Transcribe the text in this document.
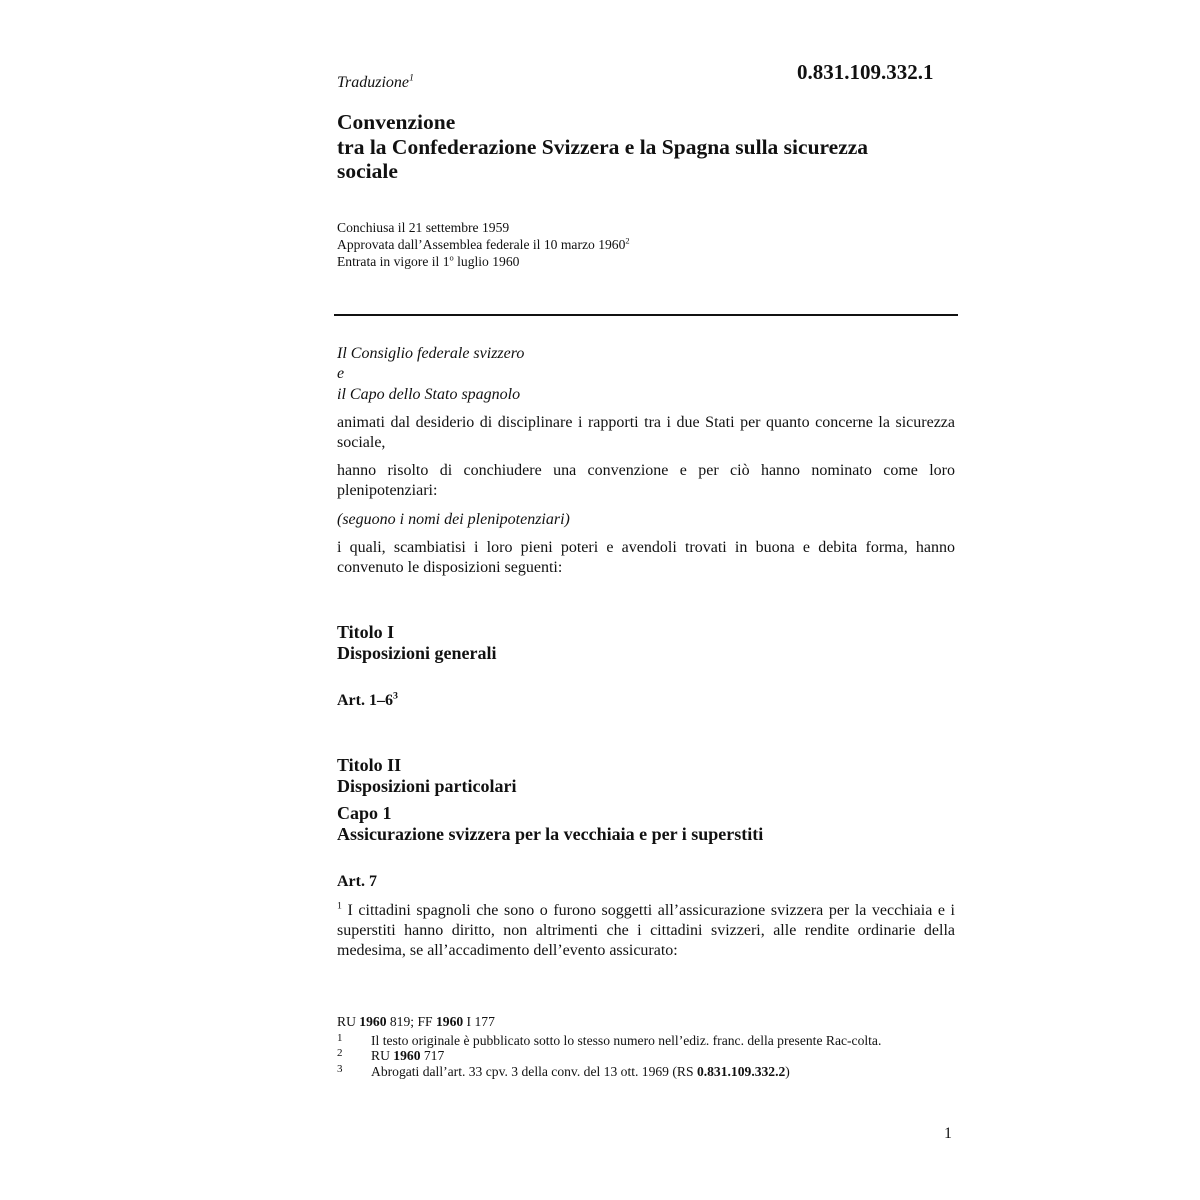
0.831.109.332.1
Traduzione$^1$
Convenzione
tra la Confederazione Svizzera e la Spagna sulla sicurezza
sociale
Conchiusa il 21 settembre 1959
Approvata dall’Assemblea federale il 10 marzo 1960$^2$
Entrata in vigore il 1$^o$ luglio 1960
Il Consiglio federale svizzero
e
il Capo dello Stato spagnolo
animati dal desiderio di disciplinare i rapporti tra i due Stati per quanto concerne la sicurezza sociale,
hanno risolto di conchiudere una convenzione e per ciò hanno nominato come loro plenipotenziari:
(seguono i nomi dei plenipotenziari)
i quali, scambiatisi i loro pieni poteri e avendoli trovati in buona e debita forma, hanno convenuto le disposizioni seguenti:
Titolo I
Disposizioni generali
Art. $1-6^3$
Titolo II
Disposizioni particolari
Capo 1
Assicurazione svizzera per la vecchiaia e per i superstiti
Art. 7
$^1$ I cittadini spagnoli che sono o furono soggetti all’assicurazione svizzera per la vecchiaia e i superstiti hanno diritto, non altrimenti che i cittadini svizzeri, alle rendite ordinarie della medesima, se all’accadimento dell’evento assicurato:
RU 1960 819; FF 1960 I 177
1 Il testo originale è pubblicato sotto lo stesso numero nell’ediz. franc. della presente Rac-colta.
2 RU 1960 717
3 Abrogati dall’art. 33 cpv. 3 della conv. del 13 ott. 1969 (RS 0.831.109.332.2)
1
